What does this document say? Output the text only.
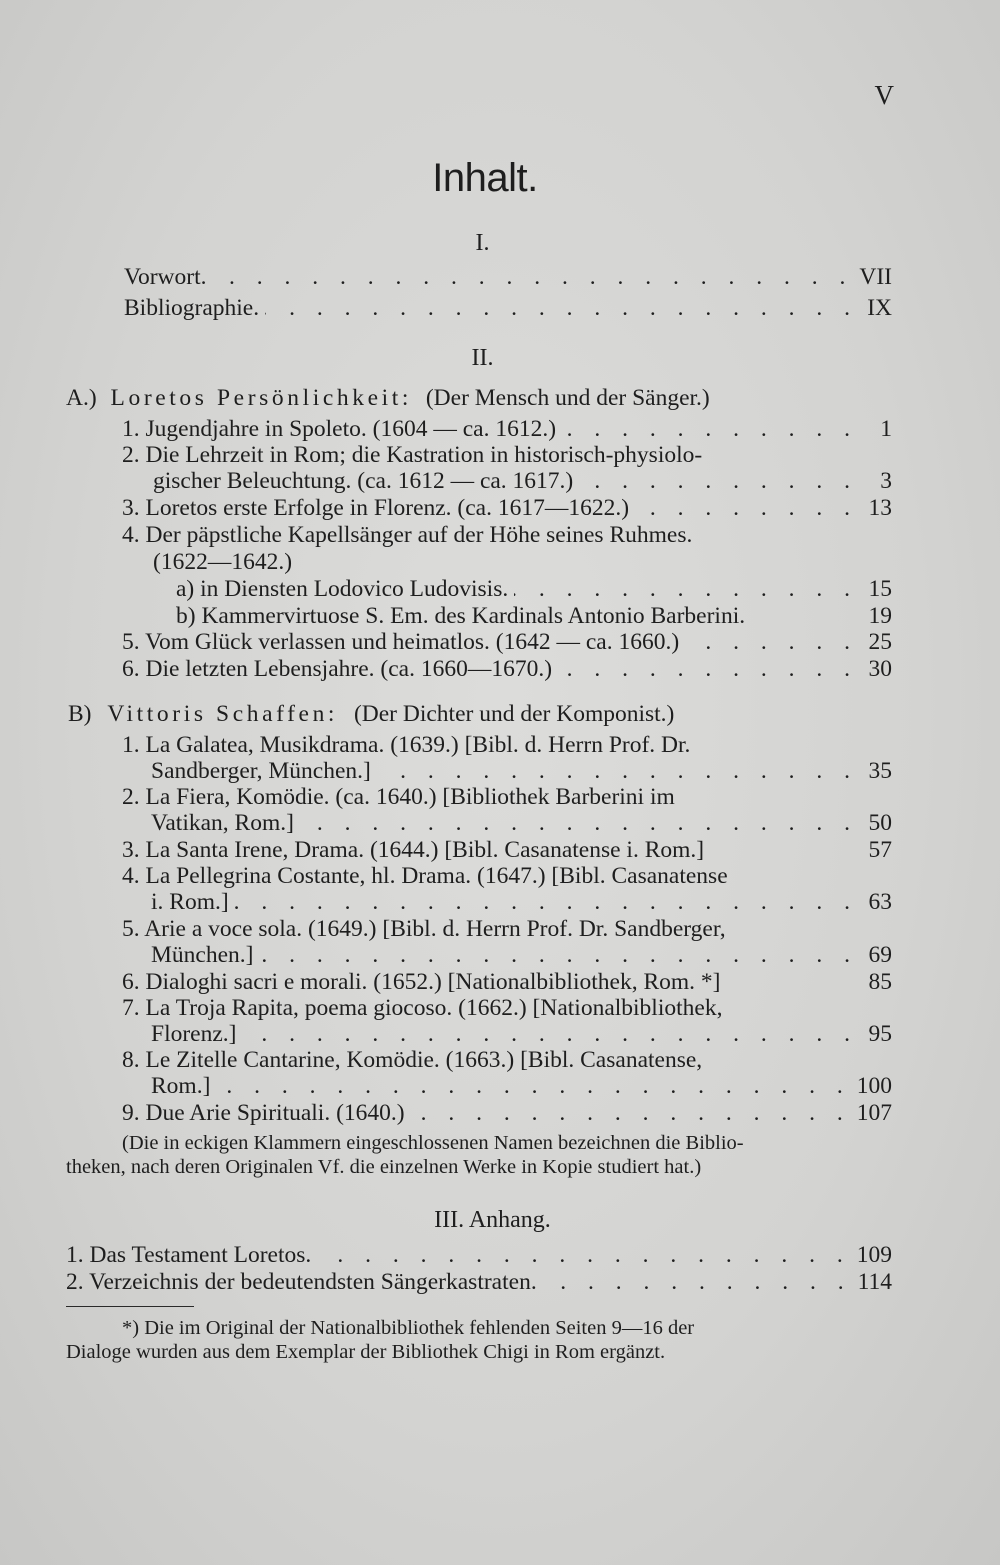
V
Inhalt.
I.
Vorwort. . . .	VII
Bibliographie. . . .	IX
II.
A.) Loretos Persönlichkeit: (Der Mensch und der Sänger.)
1. Jugendjahre in Spoleto. (1604 — ca. 1612.) . . .	1
2. Die Lehrzeit in Rom; die Kastration in historisch-physiolo-
gischer Beleuchtung. (ca. 1612 — ca. 1617.) . . .	3
3. Loretos erste Erfolge in Florenz. (ca. 1617—1622.) . . .	13
4. Der päpstliche Kapellsänger auf der Höhe seines Ruhmes.
(1622—1642.)
a) in Diensten Lodovico Ludovisis. . . .	15
b) Kammervirtuose S. Em. des Kardinals Antonio Barberini.	19
5. Vom Glück verlassen und heimatlos. (1642 — ca. 1660.) . . .	25
6. Die letzten Lebensjahre. (ca. 1660—1670.) . . .	30
B) Vittoris Schaffen: (Der Dichter und der Komponist.)
1. La Galatea, Musikdrama. (1639.) [Bibl. d. Herrn Prof. Dr.
Sandberger, München.] . . .	35
2. La Fiera, Komödie. (ca. 1640.) [Bibliothek Barberini im
Vatikan, Rom.] . . .	50
3. La Santa Irene, Drama. (1644.) [Bibl. Casanatense i. Rom.]	57
4. La Pellegrina Costante, hl. Drama. (1647.) [Bibl. Casanatense
i. Rom.] . . .	63
5. Arie a voce sola. (1649.) [Bibl. d. Herrn Prof. Dr. Sandberger,
München.] . . .	69
6. Dialoghi sacri e morali. (1652.) [Nationalbibliothek, Rom. *]	85
7. La Troja Rapita, poema giocoso. (1662.) [Nationalbibliothek,
Florenz.] . . .	95
8. Le Zitelle Cantarine, Komödie. (1663.) [Bibl. Casanatense,
Rom.] . . .	100
9. Due Arie Spirituali. (1640.) . . .	107
(Die in eckigen Klammern eingeschlossenen Namen bezeichnen die Biblio-
theken, nach deren Originalen Vf. die einzelnen Werke in Kopie studiert hat.)
III. Anhang.
1. Das Testament Loretos. . . .	109
2. Verzeichnis der bedeutendsten Sängerkastraten. . . .	114
*) Die im Original der Nationalbibliothek fehlenden Seiten 9—16 der
Dialoge wurden aus dem Exemplar der Bibliothek Chigi in Rom ergänzt.
